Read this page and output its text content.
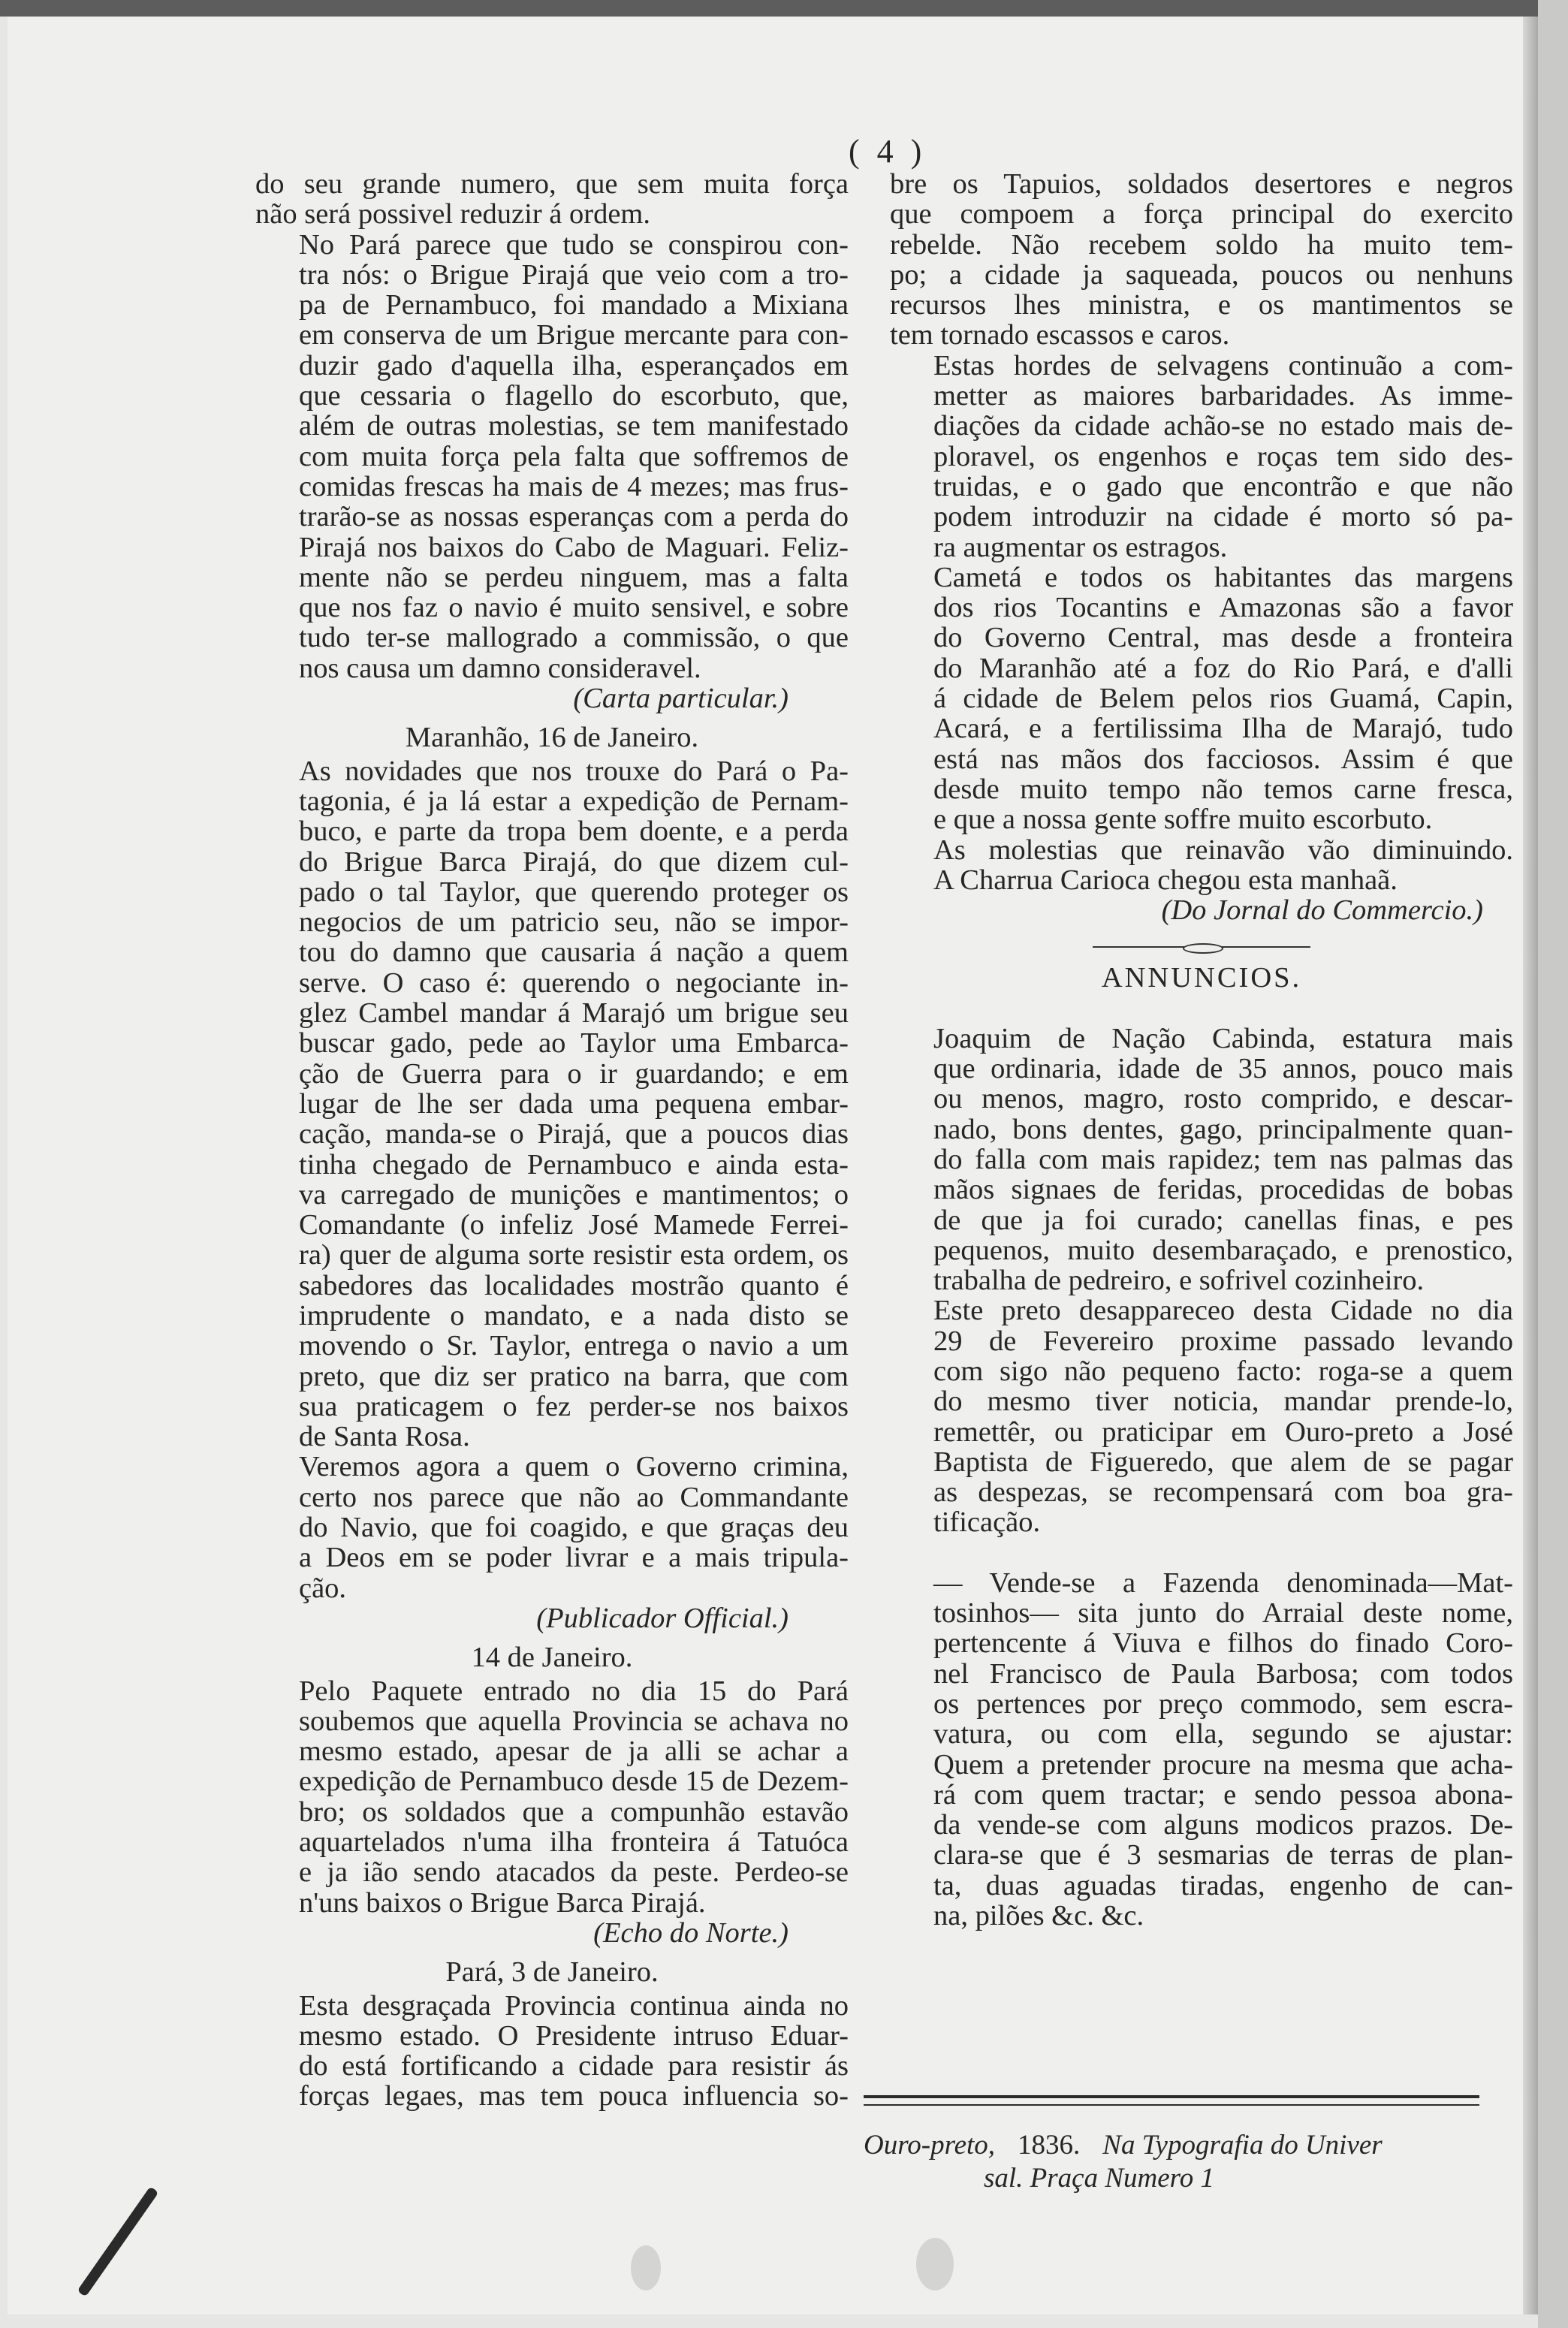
( 4 )
do seu grande numero, que sem muita força
não será possivel reduzir á ordem.
No Pará parece que tudo se conspirou con-
tra nós: o Brigue Pirajá que veio com a tro-
pa de Pernambuco, foi mandado a Mixiana
em conserva de um Brigue mercante para con-
duzir gado d'aquella ilha, esperançados em
que cessaria o flagello do escorbuto, que,
além de outras molestias, se tem manifestado
com muita força pela falta que soffremos de
comidas frescas ha mais de 4 mezes; mas frus-
trarão-se as nossas esperanças com a perda do
Pirajá nos baixos do Cabo de Maguari. Feliz-
mente não se perdeu ninguem, mas a falta
que nos faz o navio é muito sensivel, e sobre
tudo ter-se mallogrado a commissão, o que
nos causa um damno consideravel.
(Carta particular.)
Maranhão, 16 de Janeiro.
As novidades que nos trouxe do Pará o Pa-
tagonia, é ja lá estar a expedição de Pernam-
buco, e parte da tropa bem doente, e a perda
do Brigue Barca Pirajá, do que dizem cul-
pado o tal Taylor, que querendo proteger os
negocios de um patricio seu, não se impor-
tou do damno que causaria á nação a quem
serve. O caso é: querendo o negociante in-
glez Cambel mandar á Marajó um brigue seu
buscar gado, pede ao Taylor uma Embarca-
ção de Guerra para o ir guardando; e em
lugar de lhe ser dada uma pequena embar-
cação, manda-se o Pirajá, que a poucos dias
tinha chegado de Pernambuco e ainda esta-
va carregado de munições e mantimentos; o
Comandante (o infeliz José Mamede Ferrei-
ra) quer de alguma sorte resistir esta ordem, os
sabedores das localidades mostrão quanto é
imprudente o mandato, e a nada disto se
movendo o Sr. Taylor, entrega o navio a um
preto, que diz ser pratico na barra, que com
sua praticagem o fez perder-se nos baixos
de Santa Rosa.
Veremos agora a quem o Governo crimina,
certo nos parece que não ao Commandante
do Navio, que foi coagido, e que graças deu
a Deos em se poder livrar e a mais tripula-
ção.
(Publicador Official.)
14 de Janeiro.
Pelo Paquete entrado no dia 15 do Pará
soubemos que aquella Provincia se achava no
mesmo estado, apesar de ja alli se achar a
expedição de Pernambuco desde 15 de Dezem-
bro; os soldados que a compunhão estavão
aquartelados n'uma ilha fronteira á Tatuóca
e ja ião sendo atacados da peste. Perdeo-se
n'uns baixos o Brigue Barca Pirajá.
(Echo do Norte.)
Pará, 3 de Janeiro.
Esta desgraçada Provincia continua ainda no
mesmo estado. O Presidente intruso Eduar-
do está fortificando a cidade para resistir ás
forças legaes, mas tem pouca influencia so-
bre os Tapuios, soldados desertores e negros
que compoem a força principal do exercito
rebelde. Não recebem soldo ha muito tem-
po; a cidade ja saqueada, poucos ou nenhuns
recursos lhes ministra, e os mantimentos se
tem tornado escassos e caros.
Estas hordes de selvagens continuão a com-
metter as maiores barbaridades. As imme-
diações da cidade achão-se no estado mais de-
ploravel, os engenhos e roças tem sido des-
truidas, e o gado que encontrão e que não
podem introduzir na cidade é morto só pa-
ra augmentar os estragos.
Cametá e todos os habitantes das margens
dos rios Tocantins e Amazonas são a favor
do Governo Central, mas desde a fronteira
do Maranhão até a foz do Rio Pará, e d'alli
á cidade de Belem pelos rios Guamá, Capin,
Acará, e a fertilissima Ilha de Marajó, tudo
está nas mãos dos facciosos. Assim é que
desde muito tempo não temos carne fresca,
e que a nossa gente soffre muito escorbuto.
As molestias que reinavão vão diminuindo.
A Charrua Carioca chegou esta manhaã.
(Do Jornal do Commercio.)
ANNUNCIOS.
Joaquim de Nação Cabinda, estatura mais
que ordinaria, idade de 35 annos, pouco mais
ou menos, magro, rosto comprido, e descar-
nado, bons dentes, gago, principalmente quan-
do falla com mais rapidez; tem nas palmas das
mãos signaes de feridas, procedidas de bobas
de que ja foi curado; canellas finas, e pes
pequenos, muito desembaraçado, e prenostico,
trabalha de pedreiro, e sofrivel cozinheiro.
Este preto desappareceo desta Cidade no dia
29 de Fevereiro proxime passado levando
com sigo não pequeno facto: roga-se a quem
do mesmo tiver noticia, mandar prende-lo,
remettêr, ou praticipar em Ouro-preto a José
Baptista de Figueredo, que alem de se pagar
as despezas, se recompensará com boa gra-
tificação.
— Vende-se a Fazenda denominada—Mat-
tosinhos— sita junto do Arraial deste nome,
pertencente á Viuva e filhos do finado Coro-
nel Francisco de Paula Barbosa; com todos
os pertences por preço commodo, sem escra-
vatura, ou com ella, segundo se ajustar:
Quem a pretender procure na mesma que acha-
rá com quem tractar; e sendo pessoa abona-
da vende-se com alguns modicos prazos. De-
clara-se que é 3 sesmarias de terras de plan-
ta, duas aguadas tiradas, engenho de can-
na, pilões &c. &c.
Ouro-preto, 1836. Na Typografia do Univer
sal. Praça Numero 1
